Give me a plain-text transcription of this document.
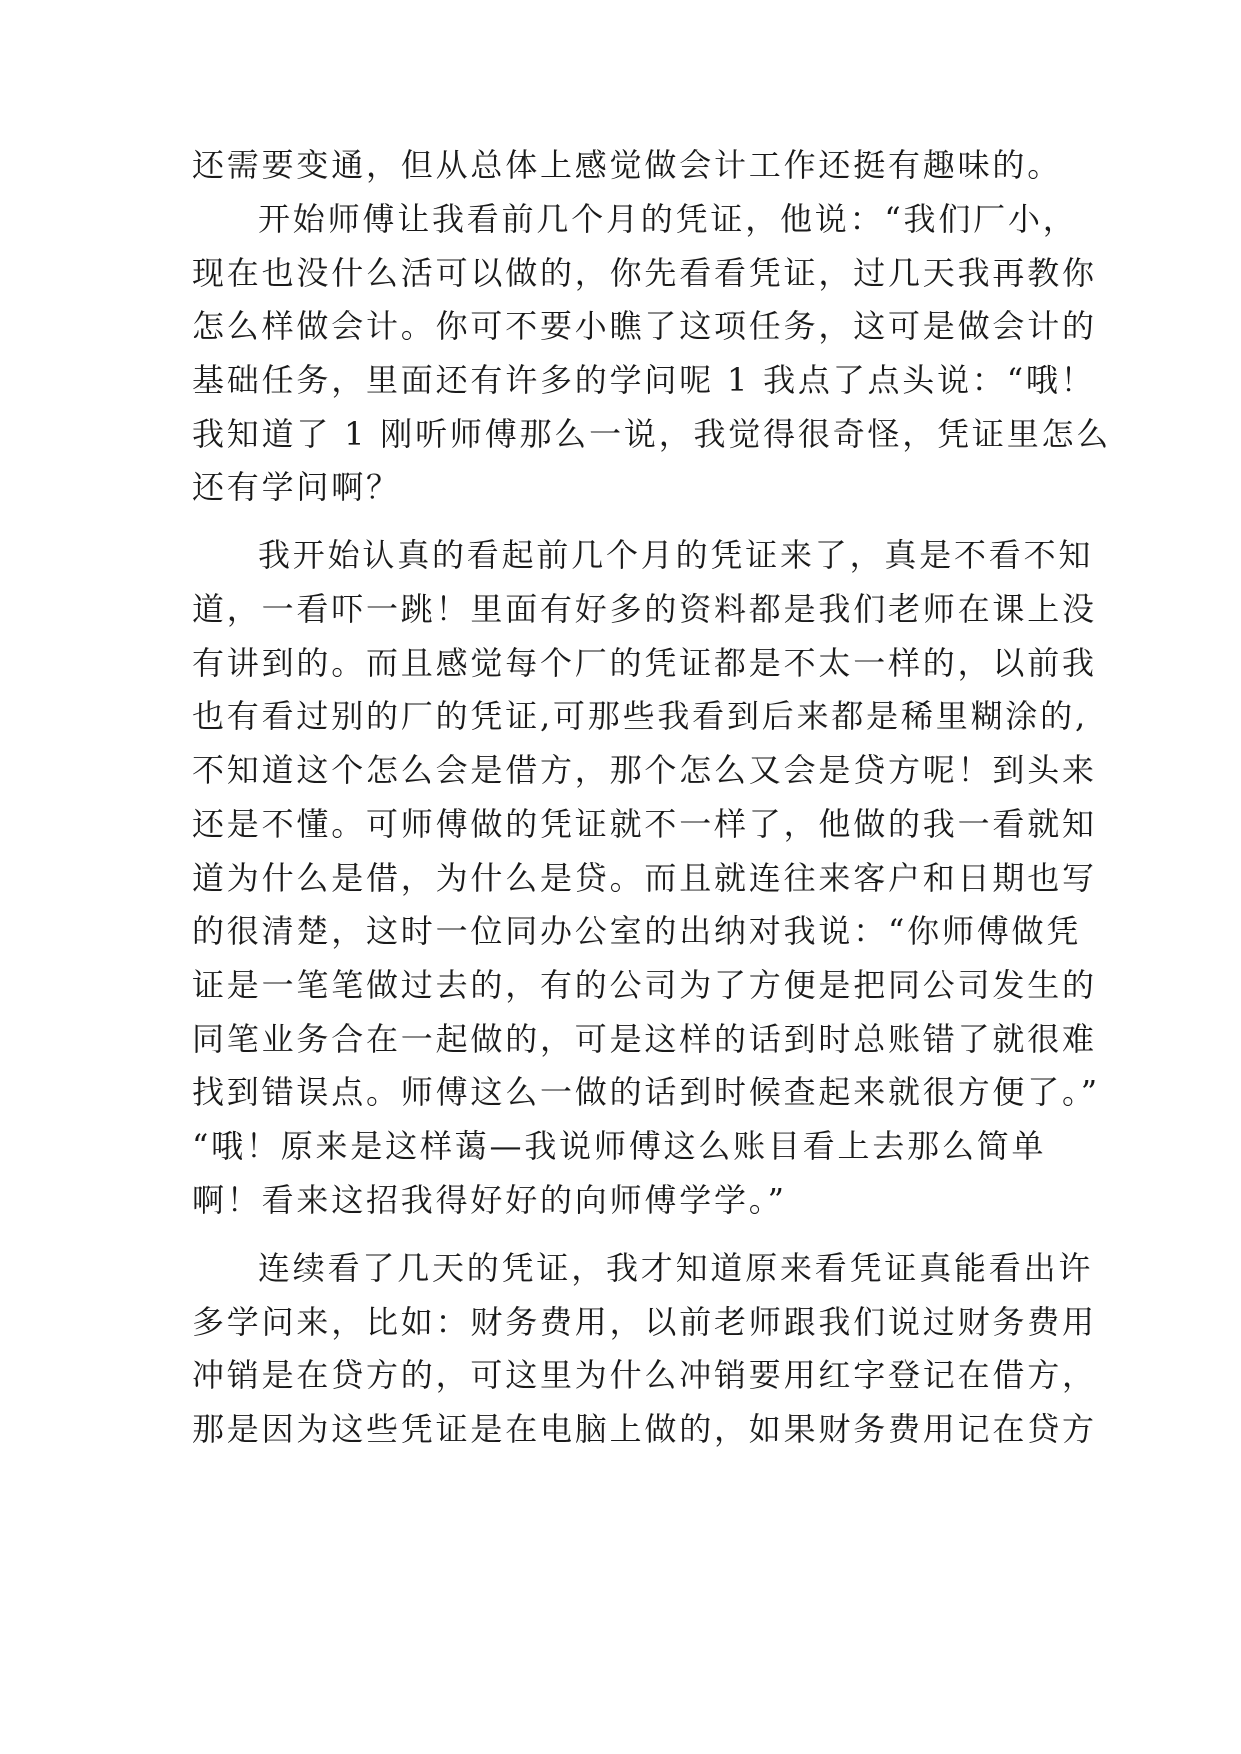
还需要变通，但从总体上感觉做会计工作还挺有趣味的。

开始师傅让我看前几个月的凭证，他说：“我们厂小，

现在也没什么活可以做的，你先看看凭证，过几天我再教你

怎么样做会计。你可不要小瞧了这项任务，这可是做会计的

基础任务，里面还有许多的学问呢 1 我点了点头说：“哦！

我知道了 1 刚听师傅那么一说，我觉得很奇怪，凭证里怎么

还有学问啊？

我开始认真的看起前几个月的凭证来了，真是不看不知

道，一看吓一跳！里面有好多的资料都是我们老师在课上没

有讲到的。而且感觉每个厂的凭证都是不太一样的，以前我

也有看过别的厂的凭证,可那些我看到后来都是稀里糊涂的,

不知道这个怎么会是借方，那个怎么又会是贷方呢！到头来

还是不懂。可师傅做的凭证就不一样了，他做的我一看就知

道为什么是借，为什么是贷。而且就连往来客户和日期也写

的很清楚，这时一位同办公室的出纳对我说：“你师傅做凭

证是一笔笔做过去的，有的公司为了方便是把同公司发生的

同笔业务合在一起做的，可是这样的话到时总账错了就很难

找到错误点。师傅这么一做的话到时候查起来就很方便了。”

“哦！原来是这样蔼—我说师傅这么账目看上去那么简单

啊！看来这招我得好好的向师傅学学。”

连续看了几天的凭证，我才知道原来看凭证真能看出许

多学问来，比如：财务费用，以前老师跟我们说过财务费用

冲销是在贷方的，可这里为什么冲销要用红字登记在借方，

那是因为这些凭证是在电脑上做的，如果财务费用记在贷方
